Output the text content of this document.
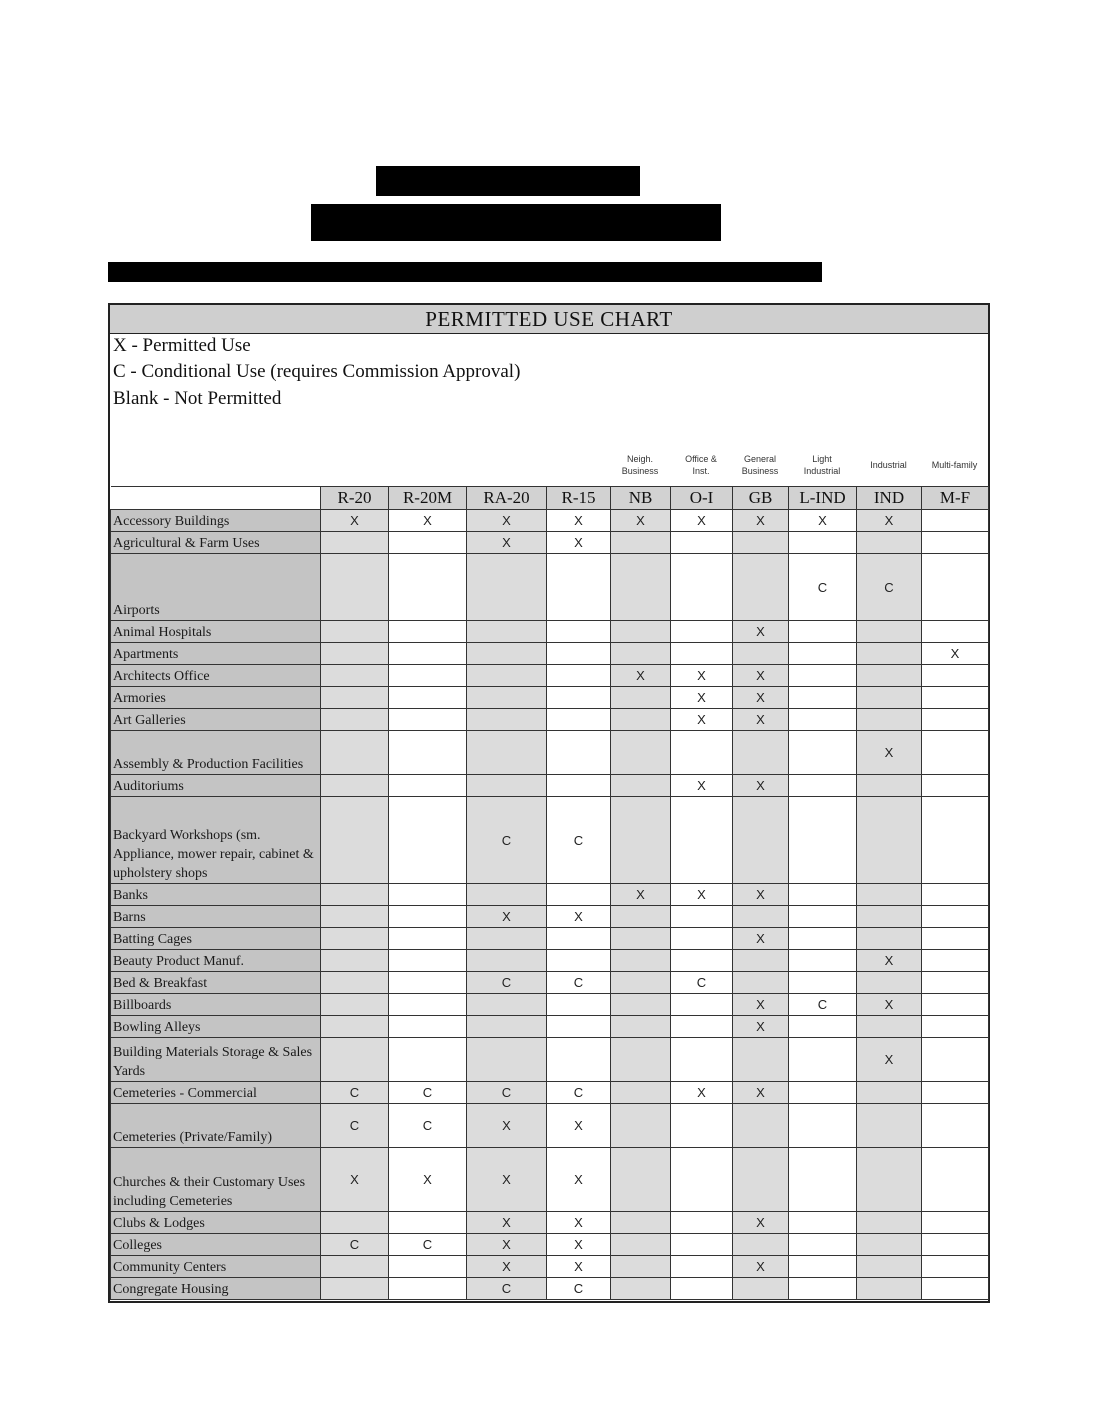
PERMITTED USE CHART
X - Permitted Use
C - Conditional Use (requires Commission Approval)
Blank - Not Permitted
Neigh.
Business
Office &
Inst.
General
Business
Light
Industrial
Industrial	Multi-family
	R-20	R-20M	RA-20	R-15	NB	O-I	GB	L-IND	IND	M-F
Accessory Buildings	X	X	X	X	X	X	X	X	X	
Agricultural & Farm Uses			X	X						
Airports								C	C	
Animal Hospitals							X			
Apartments										X
Architects Office					X	X	X			
Armories						X	X			
Art Galleries						X	X			
Assembly & Production Facilities									X	
Auditoriums						X	X			
Backyard Workshops (sm. Appliance, mower repair, cabinet & upholstery shops			C	C						
Banks					X	X	X			
Barns			X	X						
Batting Cages							X			
Beauty Product Manuf.									X	
Bed & Breakfast			C	C		C				
Billboards							X	C	X	
Bowling Alleys							X			
Building Materials Storage & Sales Yards									X	
Cemeteries - Commercial	C	C	C	C		X	X			
Cemeteries (Private/Family)	C	C	X	X						
Churches & their Customary Uses including Cemeteries	X	X	X	X						
Clubs & Lodges			X	X			X			
Colleges	C	C	X	X						
Community Centers			X	X			X			
Congregate Housing			C	C						
